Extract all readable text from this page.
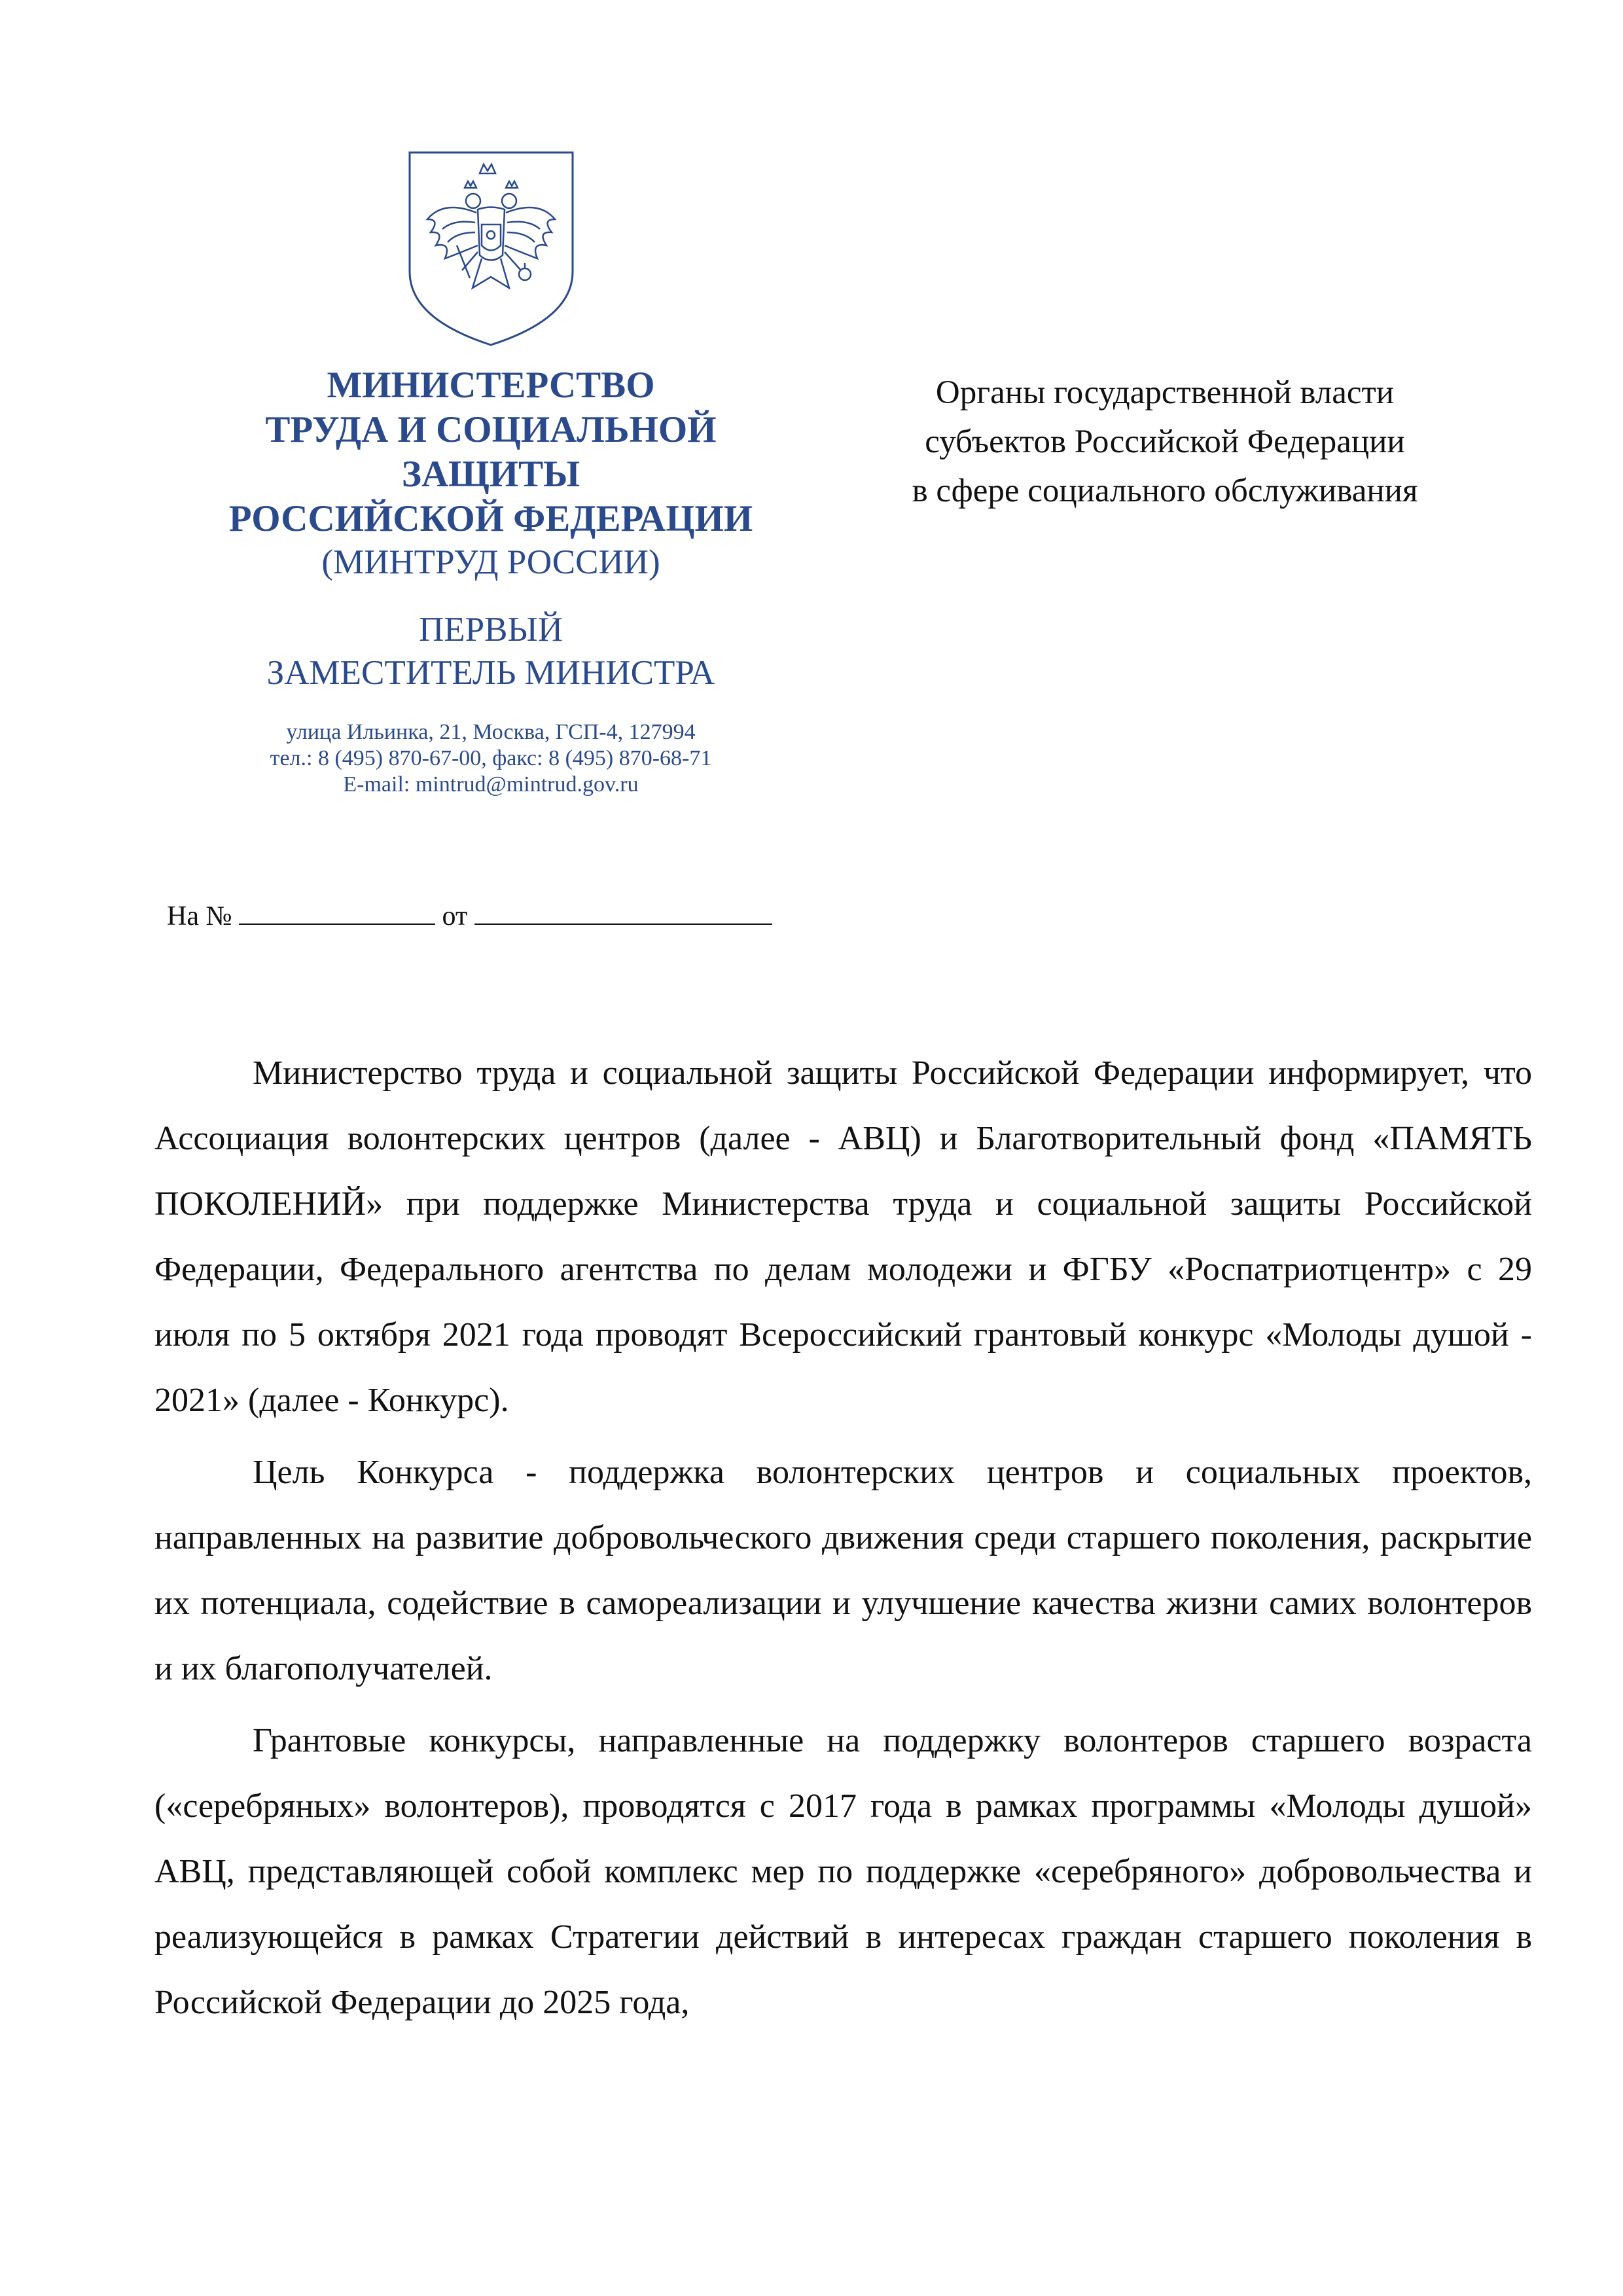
МИНИСТЕРСТВО
ТРУДА И СОЦИАЛЬНОЙ
ЗАЩИТЫ
РОССИЙСКОЙ ФЕДЕРАЦИИ
(МИНТРУД РОССИИ)
ПЕРВЫЙ
ЗАМЕСТИТЕЛЬ МИНИСТРА
улица Ильинка, 21, Москва, ГСП-4, 127994
тел.: 8 (495) 870-67-00, факс: 8 (495) 870-68-71
E-mail: mintrud@mintrud.gov.ru
Органы государственной власти
субъектов Российской Федерации
в сфере социального обслуживания
На №	от

Министерство труда и социальной защиты Российской Федерации информирует, что Ассоциация волонтерских центров (далее - АВЦ) и Благотворительный фонд «ПАМЯТЬ ПОКОЛЕНИЙ» при поддержке Министерства труда и социальной защиты Российской Федерации, Федерального агентства по делам молодежи и ФГБУ «Роспатриотцентр» с 29 июля по 5 октября 2021 года проводят Всероссийский грантовый конкурс «Молоды душой - 2021» (далее - Конкурс).

Цель Конкурса - поддержка волонтерских центров и социальных проектов, направленных на развитие добровольческого движения среди старшего поколения, раскрытие их потенциала, содействие в самореализации и улучшение качества жизни самих волонтеров и их благополучателей.

Грантовые конкурсы, направленные на поддержку волонтеров старшего возраста («серебряных» волонтеров), проводятся с 2017 года в рамках программы «Молоды душой» АВЦ, представляющей собой комплекс мер по поддержке «серебряного» добровольчества и реализующейся в рамках Стратегии действий в интересах граждан старшего поколения в Российской Федерации до 2025 года,
